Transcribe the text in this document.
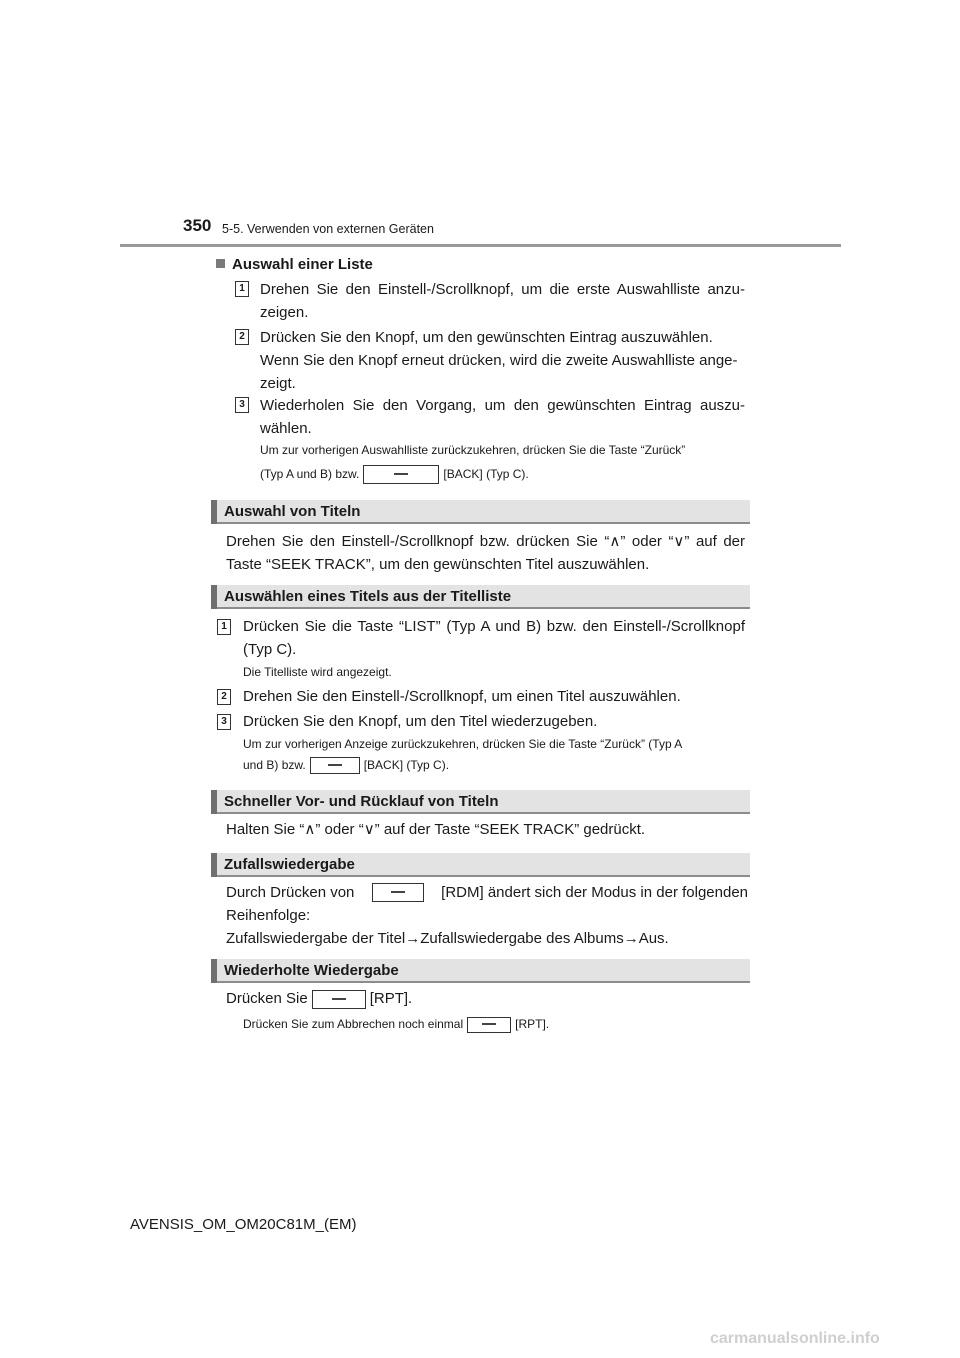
350 5-5. Verwenden von externen Geräten
Auswahl einer Liste
1 Drehen Sie den Einstell-/Scrollknopf, um die erste Auswahlliste anzu-zeigen.
2 Drücken Sie den Knopf, um den gewünschten Eintrag auszuwählen. Wenn Sie den Knopf erneut drücken, wird die zweite Auswahlliste ange-zeigt.
3 Wiederholen Sie den Vorgang, um den gewünschten Eintrag auszu-wählen.
Um zur vorherigen Auswahlliste zurückzukehren, drücken Sie die Taste “Zurück”
(Typ A und B) bzw.	[BACK] (Typ C).
Auswahl von Titeln
Drehen Sie den Einstell-/Scrollknopf bzw. drücken Sie “∧” oder “∨” auf der Taste “SEEK TRACK”, um den gewünschten Titel auszuwählen.
Auswählen eines Titels aus der Titelliste
1 Drücken Sie die Taste “LIST” (Typ A und B) bzw. den Einstell-/Scrollknopf (Typ C).
Die Titelliste wird angezeigt.
2 Drehen Sie den Einstell-/Scrollknopf, um einen Titel auszuwählen.
3 Drücken Sie den Knopf, um den Titel wiederzugeben.
Um zur vorherigen Anzeige zurückzukehren, drücken Sie die Taste “Zurück” (Typ A
und B) bzw.	[BACK] (Typ C).
Schneller Vor- und Rücklauf von Titeln
Halten Sie “∧” oder “∨” auf der Taste “SEEK TRACK” gedrückt.
Zufallswiedergabe
Durch Drücken von	[RDM] ändert sich der Modus in der folgenden
Reihenfolge:
Zufallswiedergabe der Titel→Zufallswiedergabe des Albums→Aus.
Wiederholte Wiedergabe
Drücken Sie	[RPT].
Drücken Sie zum Abbrechen noch einmal	[RPT].
AVENSIS_OM_OM20C81M_(EM)
carmanualsonline.info
